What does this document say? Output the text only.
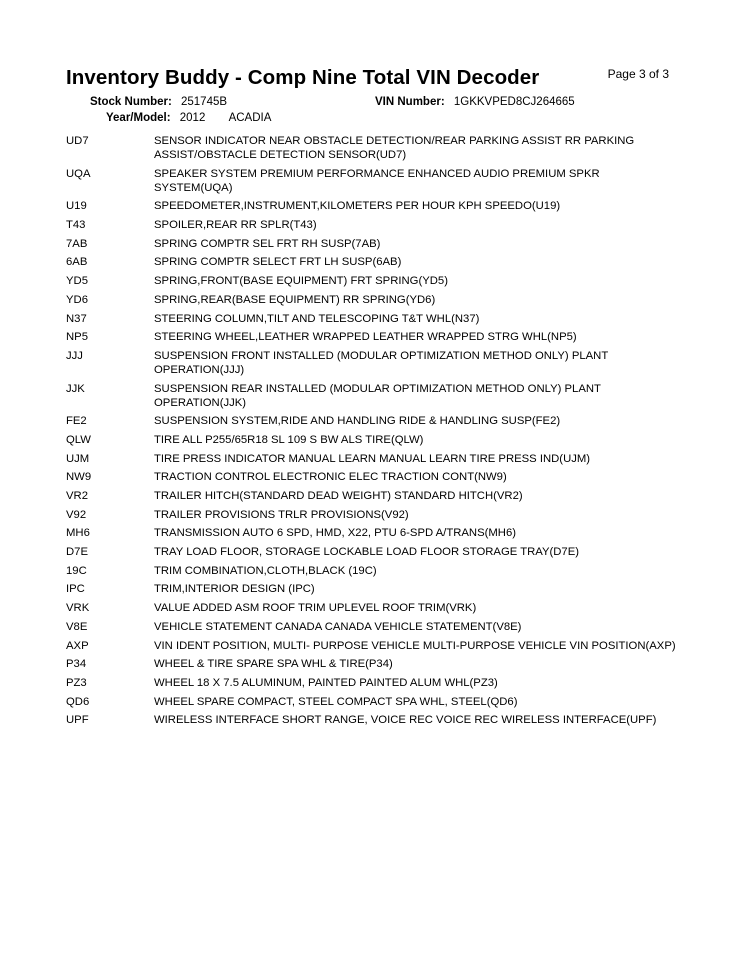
Inventory Buddy - Comp Nine Total VIN Decoder	Page 3 of 3
Stock Number: 251745B	VIN Number: 1GKKVPED8CJ264665
Year/Model: 2012 ACADIA
UD7	SENSOR INDICATOR NEAR OBSTACLE DETECTION/REAR PARKING ASSIST RR PARKING ASSIST/OBSTACLE DETECTION SENSOR(UD7)
UQA	SPEAKER SYSTEM PREMIUM PERFORMANCE ENHANCED AUDIO PREMIUM SPKR SYSTEM(UQA)
U19	SPEEDOMETER,INSTRUMENT,KILOMETERS PER HOUR KPH SPEEDO(U19)
T43	SPOILER,REAR RR SPLR(T43)
7AB	SPRING COMPTR SEL FRT RH SUSP(7AB)
6AB	SPRING COMPTR SELECT FRT LH SUSP(6AB)
YD5	SPRING,FRONT(BASE EQUIPMENT) FRT SPRING(YD5)
YD6	SPRING,REAR(BASE EQUIPMENT) RR SPRING(YD6)
N37	STEERING COLUMN,TILT AND TELESCOPING T&T WHL(N37)
NP5	STEERING WHEEL,LEATHER WRAPPED LEATHER WRAPPED STRG WHL(NP5)
JJJ	SUSPENSION FRONT INSTALLED (MODULAR OPTIMIZATION METHOD ONLY) PLANT OPERATION(JJJ)
JJK	SUSPENSION REAR INSTALLED (MODULAR OPTIMIZATION METHOD ONLY) PLANT OPERATION(JJK)
FE2	SUSPENSION SYSTEM,RIDE AND HANDLING RIDE & HANDLING SUSP(FE2)
QLW	TIRE ALL P255/65R18 SL 109 S BW ALS TIRE(QLW)
UJM	TIRE PRESS INDICATOR MANUAL LEARN MANUAL LEARN TIRE PRESS IND(UJM)
NW9	TRACTION CONTROL ELECTRONIC ELEC TRACTION CONT(NW9)
VR2	TRAILER HITCH(STANDARD DEAD WEIGHT) STANDARD HITCH(VR2)
V92	TRAILER PROVISIONS TRLR PROVISIONS(V92)
MH6	TRANSMISSION AUTO 6 SPD, HMD, X22, PTU 6-SPD A/TRANS(MH6)
D7E	TRAY LOAD FLOOR, STORAGE LOCKABLE LOAD FLOOR STORAGE TRAY(D7E)
19C	TRIM COMBINATION,CLOTH,BLACK (19C)
IPC	TRIM,INTERIOR DESIGN (IPC)
VRK	VALUE ADDED ASM ROOF TRIM UPLEVEL ROOF TRIM(VRK)
V8E	VEHICLE STATEMENT CANADA CANADA VEHICLE STATEMENT(V8E)
AXP	VIN IDENT POSITION, MULTI- PURPOSE VEHICLE MULTI-PURPOSE VEHICLE VIN POSITION(AXP)
P34	WHEEL & TIRE SPARE SPA WHL & TIRE(P34)
PZ3	WHEEL 18 X 7.5 ALUMINUM, PAINTED PAINTED ALUM WHL(PZ3)
QD6	WHEEL SPARE COMPACT, STEEL COMPACT SPA WHL, STEEL(QD6)
UPF	WIRELESS INTERFACE SHORT RANGE, VOICE REC VOICE REC WIRELESS INTERFACE(UPF)
